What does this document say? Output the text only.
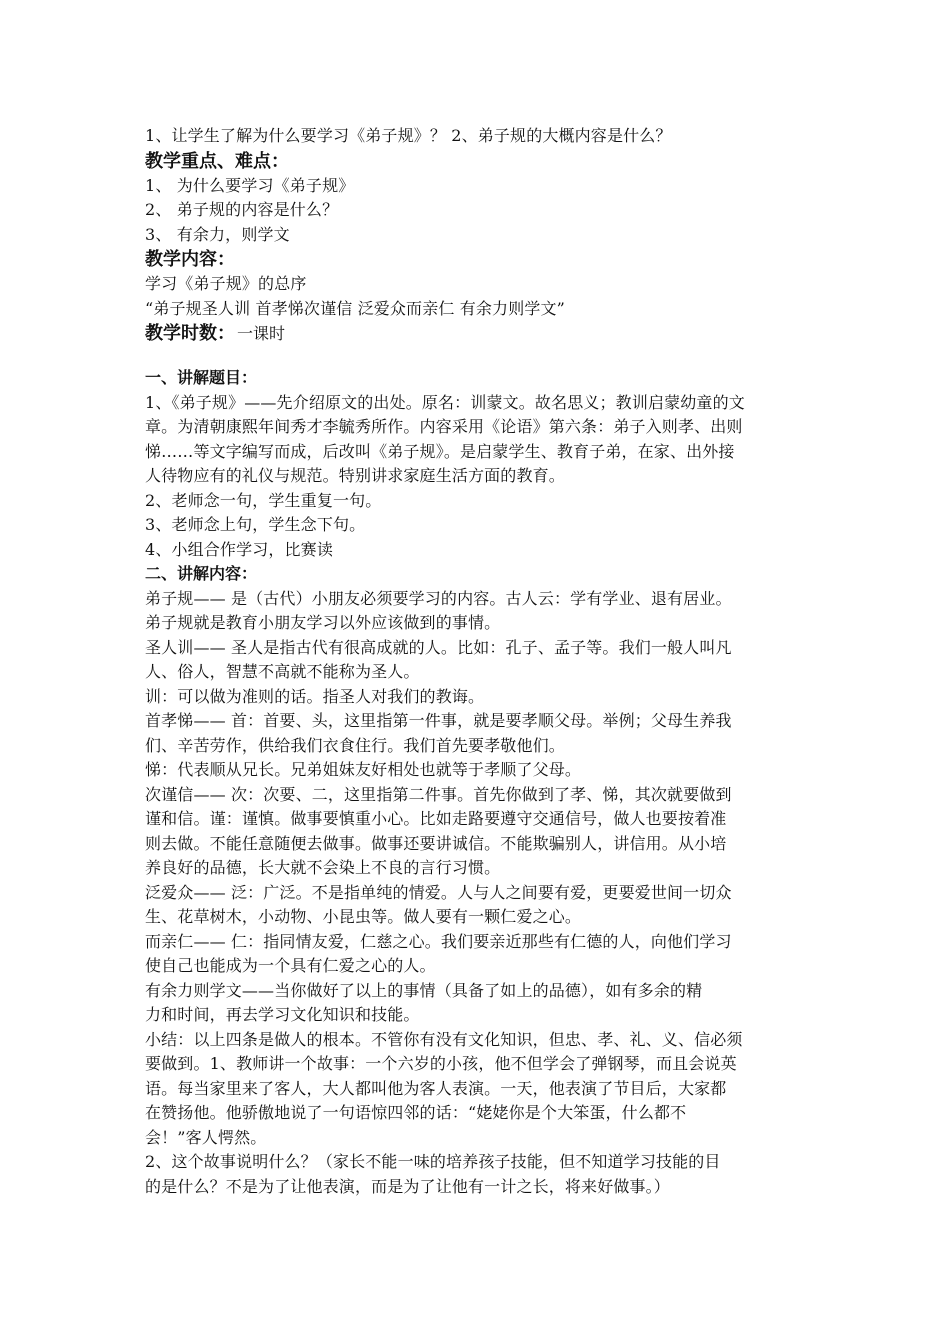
1、让学生了解为什么要学习《弟子规》？ 2、弟子规的大概内容是什么？
教学重点、难点：
1、 为什么要学习《弟子规》
2、 弟子规的内容是什么？
3、 有余力，则学文
教学内容：
学习《弟子规》的总序
“弟子规圣人训 首孝悌次谨信 泛爱众而亲仁 有余力则学文”
教学时数： 一课时
一、讲解题目：
1、《弟子规》——先介绍原文的出处。原名：训蒙文。故名思义；教训启蒙幼童的文
章。为清朝康熙年间秀才李毓秀所作。内容采用《论语》第六条：弟子入则孝、出则
悌……等文字编写而成，后改叫《弟子规》。是启蒙学生、教育子弟，在家、出外接
人待物应有的礼仪与规范。特别讲求家庭生活方面的教育。
2、老师念一句，学生重复一句。
3、老师念上句，学生念下句。
4、小组合作学习，比赛读
二、讲解内容：
弟子规—— 是（古代）小朋友必须要学习的内容。古人云：学有学业、退有居业。
弟子规就是教育小朋友学习以外应该做到的事情。
圣人训—— 圣人是指古代有很高成就的人。比如：孔子、孟子等。我们一般人叫凡
人、俗人，智慧不高就不能称为圣人。
训：可以做为准则的话。指圣人对我们的教诲。
首孝悌—— 首：首要、头，这里指第一件事，就是要孝顺父母。举例；父母生养我
们、辛苦劳作，供给我们衣食住行。我们首先要孝敬他们。
悌：代表顺从兄长。兄弟姐妹友好相处也就等于孝顺了父母。
次谨信—— 次：次要、二，这里指第二件事。首先你做到了孝、悌，其次就要做到
谨和信。谨：谨慎。做事要慎重小心。比如走路要遵守交通信号，做人也要按着准
则去做。不能任意随便去做事。做事还要讲诚信。不能欺骗别人，讲信用。从小培
养良好的品德，长大就不会染上不良的言行习惯。
泛爱众—— 泛：广泛。不是指单纯的情爱。人与人之间要有爱，更要爱世间一切众
生、花草树木，小动物、小昆虫等。做人要有一颗仁爱之心。
而亲仁—— 仁：指同情友爱，仁慈之心。我们要亲近那些有仁德的人，向他们学习
使自己也能成为一个具有仁爱之心的人。
有余力则学文——当你做好了以上的事情（具备了如上的品德），如有多余的精
力和时间，再去学习文化知识和技能。
小结：以上四条是做人的根本。不管你有没有文化知识，但忠、孝、礼、义、信必须
要做到。1、教师讲一个故事：一个六岁的小孩，他不但学会了弹钢琴，而且会说英
语。每当家里来了客人，大人都叫他为客人表演。一天，他表演了节目后，大家都
在赞扬他。他骄傲地说了一句语惊四邻的话：“姥姥你是个大笨蛋，什么都不
会！”客人愕然。
2、这个故事说明什么？（家长不能一味的培养孩子技能，但不知道学习技能的目
的是什么？不是为了让他表演，而是为了让他有一计之长，将来好做事。）
